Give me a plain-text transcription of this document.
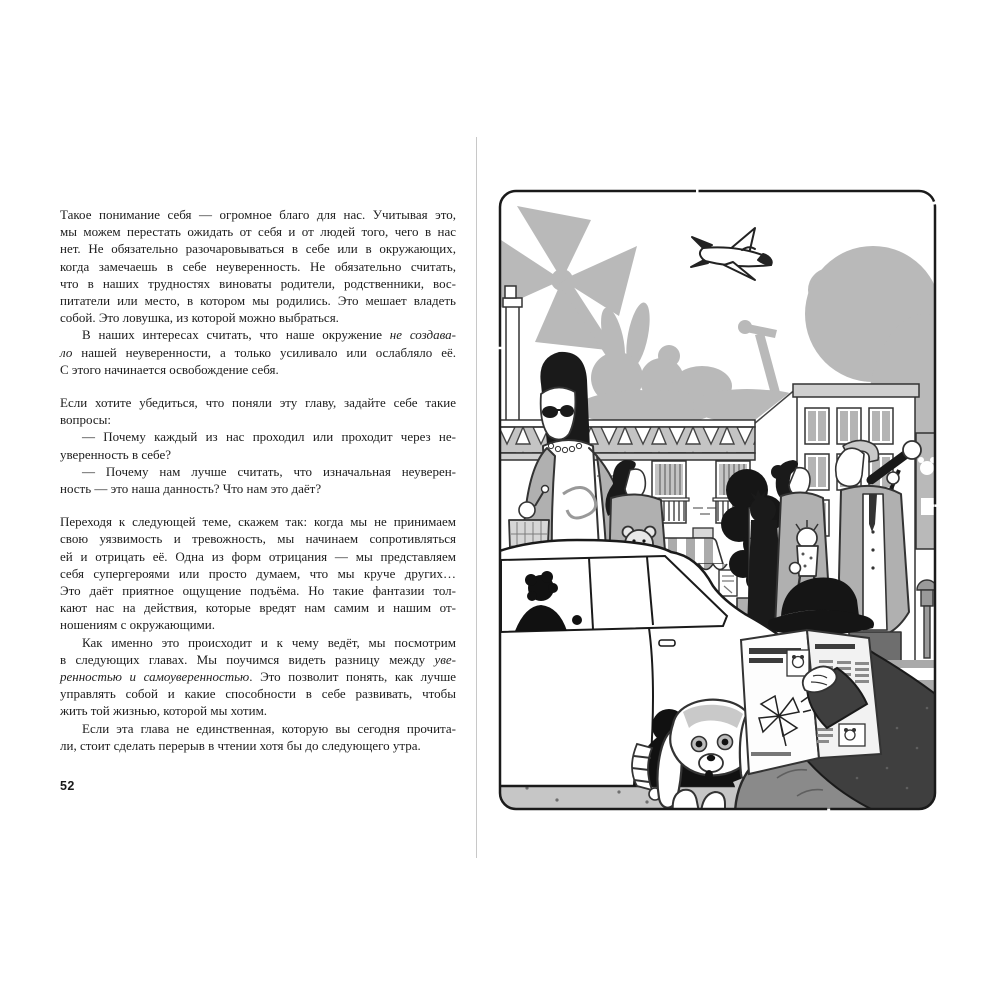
Такое понимание себя — огромное благо для нас. Учитывая это,
мы можем перестать ожидать от себя и от людей того, чего в нас
нет. Не обязательно разочаровываться в себе или в окружающих,
когда замечаешь в себе неуверенность. Не обязательно считать,
что в наших трудностях виноваты родители, родственники, вос-
питатели или место, в котором мы родились. Это мешает владеть
собой. Это ловушка, из которой можно выбраться.
В наших интересах считать, что наше окружение не создава-
ло нашей неуверенности, а только усиливало или ослабляло её.
С этого начинается освобождение себя.
Если хотите убедиться, что поняли эту главу, задайте себе такие
вопросы:
— Почему каждый из нас проходил или проходит через не-
уверенность в себе?
— Почему нам лучше считать, что изначальная неуверен-
ность — это наша данность? Что нам это даёт?
Переходя к следующей теме, скажем так: когда мы не принимаем
свою уязвимость и тревожность, мы начинаем сопротивляться
ей и отрицать её. Одна из форм отрицания — мы представляем
себя супергероями или просто думаем, что мы круче других…
Это даёт приятное ощущение подъёма. Но такие фантазии тол-
кают нас на действия, которые вредят нам самим и нашим от-
ношениям с окружающими.
Как именно это происходит и к чему ведёт, мы посмотрим
в следующих главах. Мы поучимся видеть разницу между уве-
ренностью и самоуверенностью. Это позволит понять, как лучше
управлять собой и какие способности в себе развивать, чтобы
жить той жизнью, которой мы хотим.
Если эта глава не единственная, которую вы сегодня прочита-
ли, стоит сделать перерыв в чтении хотя бы до следующего утра.
52
